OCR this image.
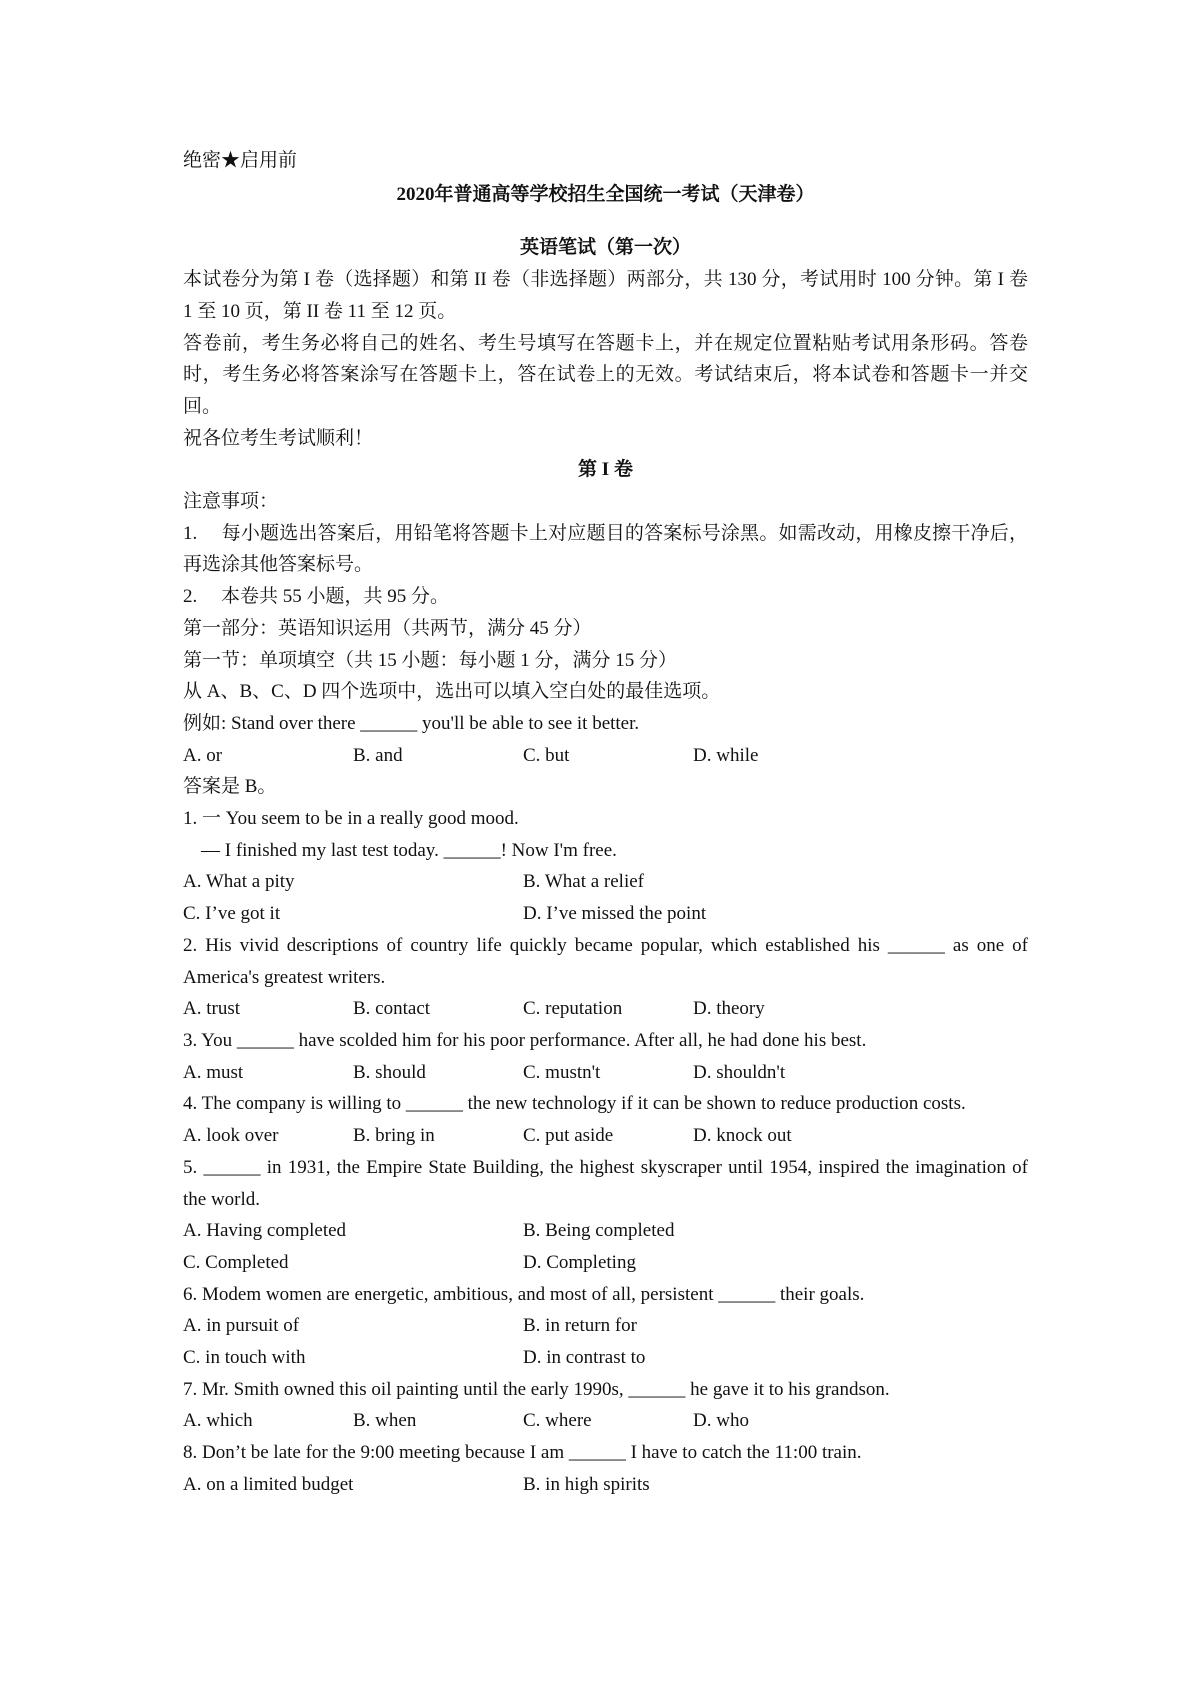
绝密★启用前

2020年普通高等学校招生全国统一考试（天津卷）

英语笔试（第一次）

本试卷分为第 I 卷（选择题）和第 II 卷（非选择题）两部分，共 130 分，考试用时 100 分钟。第 I 卷 1 至 10 页，第 II 卷 11 至 12 页。

答卷前，考生务必将自己的姓名、考生号填写在答题卡上，并在规定位置粘贴考试用条形码。答卷时，考生务必将答案涂写在答题卡上，答在试卷上的无效。考试结束后，将本试卷和答题卡一并交回。

祝各位考生考试顺利！

第 I 卷

注意事项：

1.　 每小题选出答案后，用铅笔将答题卡上对应题目的答案标号涂黑。如需改动，用橡皮擦干净后，再选涂其他答案标号。

2.　 本卷共 55 小题，共 95 分。

第一部分：英语知识运用（共两节，满分 45 分）

第一节：单项填空（共 15 小题：每小题 1 分，满分 15 分）

从 A、B、C、D 四个选项中，选出可以填入空白处的最佳选项。

例如: Stand over there ______ you'll be able to see it better.

A. or	B. and	C. but	D. while

答案是 B。

1. 一 You seem to be in a really good mood.

— I finished my last test today. ______! Now I'm free.

A. What a pity	B. What a relief
C. I’ve got it	D. I’ve missed the point

2. His vivid descriptions of country life quickly became popular, which established his ______ as one of America's greatest writers.

A. trust	B. contact	C. reputation	D. theory

3. You ______ have scolded him for his poor performance. After all, he had done his best.

A. must	B. should	C. mustn't	D. shouldn't

4. The company is willing to ______ the new technology if it can be shown to reduce production costs.

A. look over	B. bring in	C. put aside	D. knock out

5. ______ in 1931, the Empire State Building, the highest skyscraper until 1954, inspired the imagination of the world.

A. Having completed	B. Being completed
C. Completed	D. Completing

6. Modem women are energetic, ambitious, and most of all, persistent ______ their goals.

A. in pursuit of	B. in return for
C. in touch with	D. in contrast to

7. Mr. Smith owned this oil painting until the early 1990s, ______ he gave it to his grandson.

A. which	B. when	C. where	D. who

8. Don’t be late for the 9:00 meeting because I am ______ I have to catch the 11:00 train.

A. on a limited budget	B. in high spirits
